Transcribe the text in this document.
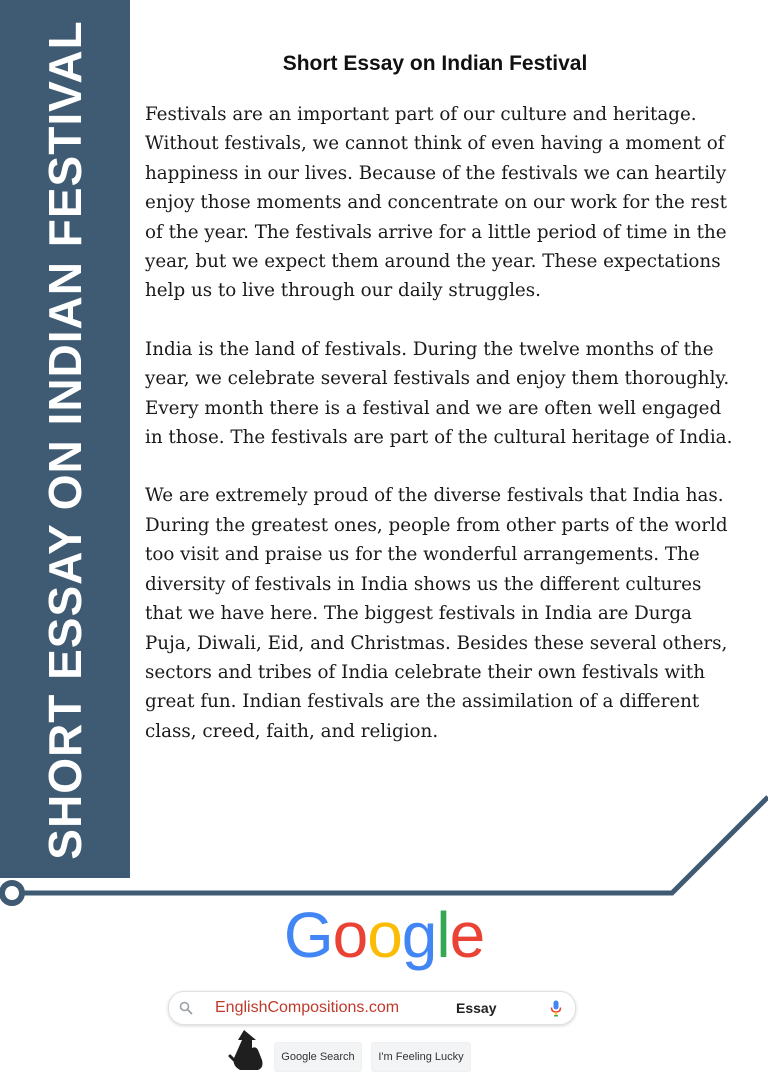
SHORT ESSAY ON INDIAN FESTIVAL	Short Essay on Indian Festival

Festivals are an important part of our culture and heritage. Without festivals, we cannot think of even having a moment of happiness in our lives. Because of the festivals we can heartily enjoy those moments and concentrate on our work for the rest of the year. The festivals arrive for a little period of time in the year, but we expect them around the year. These expectations help us to live through our daily struggles.

India is the land of festivals. During the twelve months of the year, we celebrate several festivals and enjoy them thoroughly. Every month there is a festival and we are often well engaged in those. The festivals are part of the cultural heritage of India.

We are extremely proud of the diverse festivals that India has. During the greatest ones, people from other parts of the world too visit and praise us for the wonderful arrangements. The diversity of festivals in India shows us the different cultures that we have here. The biggest festivals in India are Durga Puja, Diwali, Eid, and Christmas. Besides these several others, sectors and tribes of India celebrate their own festivals with great fun. Indian festivals are the assimilation of a different class, creed, faith, and religion.

Google
EnglishCompositions.com	Essay
Google Search	I'm Feeling Lucky
